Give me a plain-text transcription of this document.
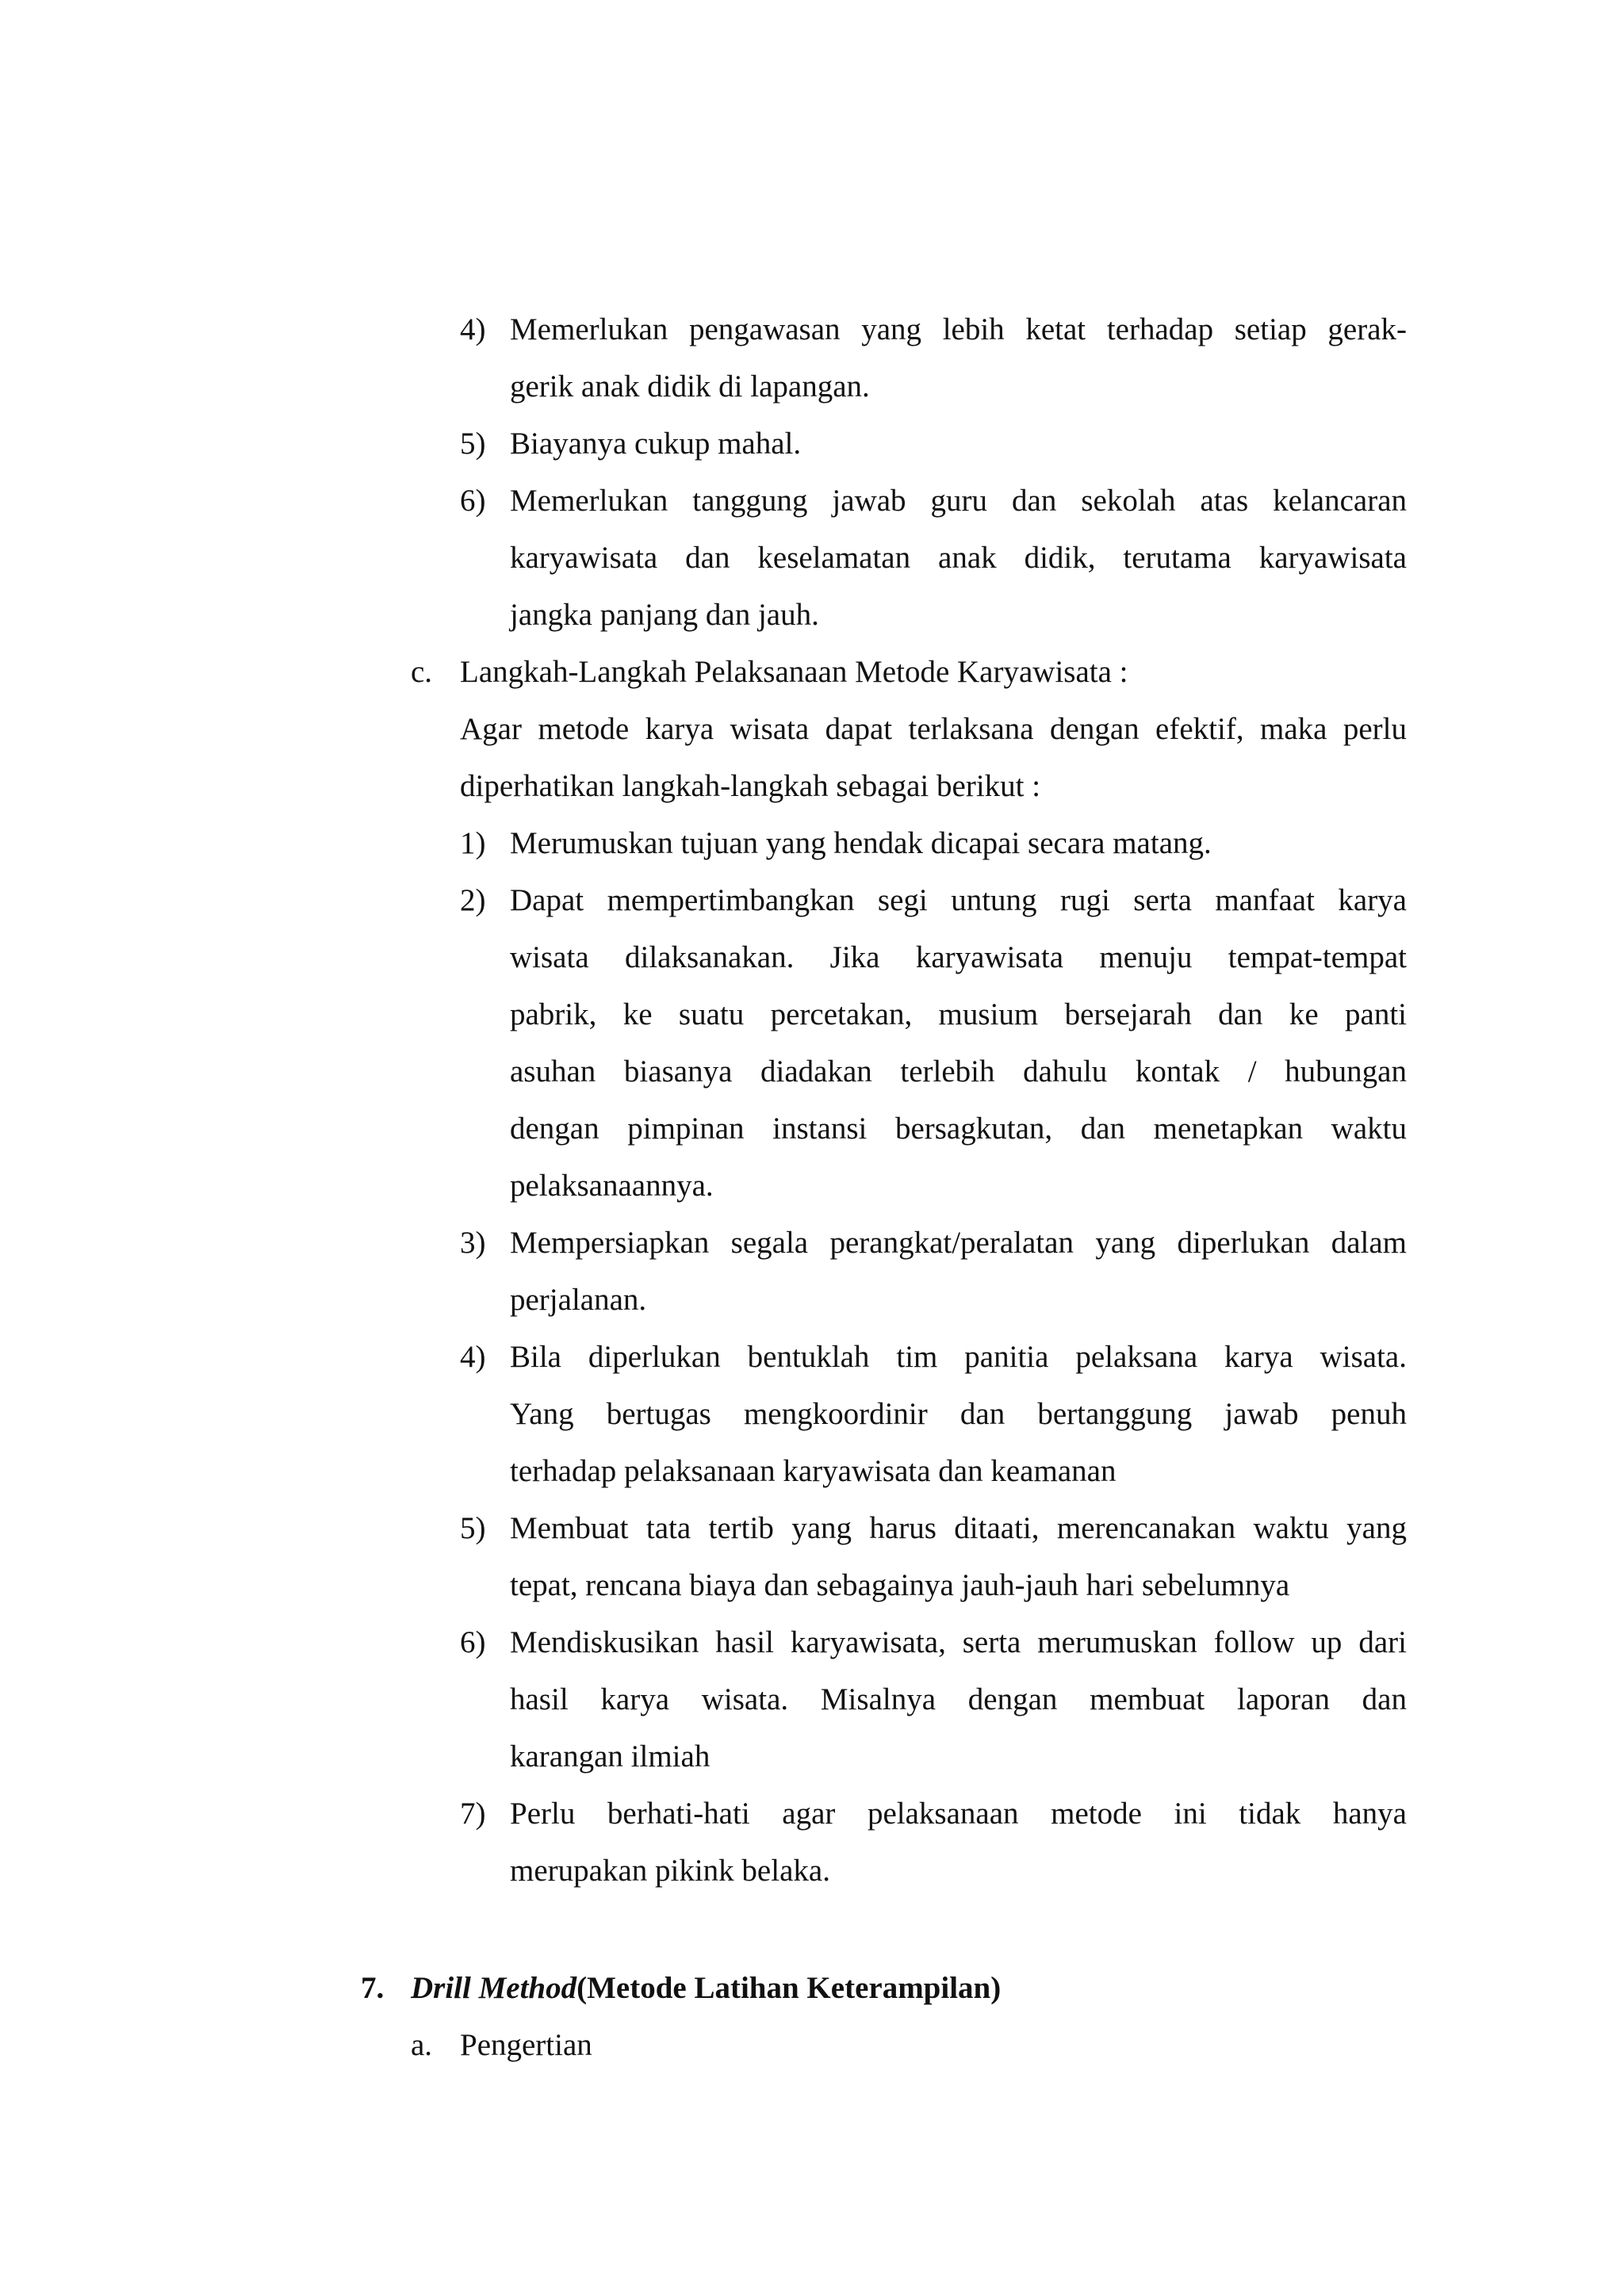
4) Memerlukan pengawasan yang lebih ketat terhadap setiap gerak-
gerik anak didik di lapangan.
5) Biayanya cukup mahal.
6) Memerlukan tanggung jawab guru dan sekolah atas kelancaran
karyawisata dan keselamatan anak didik, terutama karyawisata
jangka panjang dan jauh.
c. Langkah-Langkah Pelaksanaan Metode Karyawisata :
Agar metode karya wisata dapat terlaksana dengan efektif, maka perlu
diperhatikan langkah-langkah sebagai berikut :
1) Merumuskan tujuan yang hendak dicapai secara matang.
2) Dapat mempertimbangkan segi untung rugi serta manfaat karya
wisata dilaksanakan. Jika karyawisata menuju tempat-tempat
pabrik, ke suatu percetakan, musium bersejarah dan ke panti
asuhan biasanya diadakan terlebih dahulu kontak / hubungan
dengan pimpinan instansi bersagkutan, dan menetapkan waktu
pelaksanaannya.
3) Mempersiapkan segala perangkat/peralatan yang diperlukan dalam
perjalanan.
4) Bila diperlukan bentuklah tim panitia pelaksana karya wisata.
Yang bertugas mengkoordinir dan bertanggung jawab penuh
terhadap pelaksanaan karyawisata dan keamanan
5) Membuat tata tertib yang harus ditaati, merencanakan waktu yang
tepat, rencana biaya dan sebagainya jauh-jauh hari sebelumnya
6) Mendiskusikan hasil karyawisata, serta merumuskan follow up dari
hasil karya wisata. Misalnya dengan membuat laporan dan
karangan ilmiah
7) Perlu berhati-hati agar pelaksanaan metode ini tidak hanya
merupakan pikink belaka.
7. Drill Method(Metode Latihan Keterampilan)
a. Pengertian
